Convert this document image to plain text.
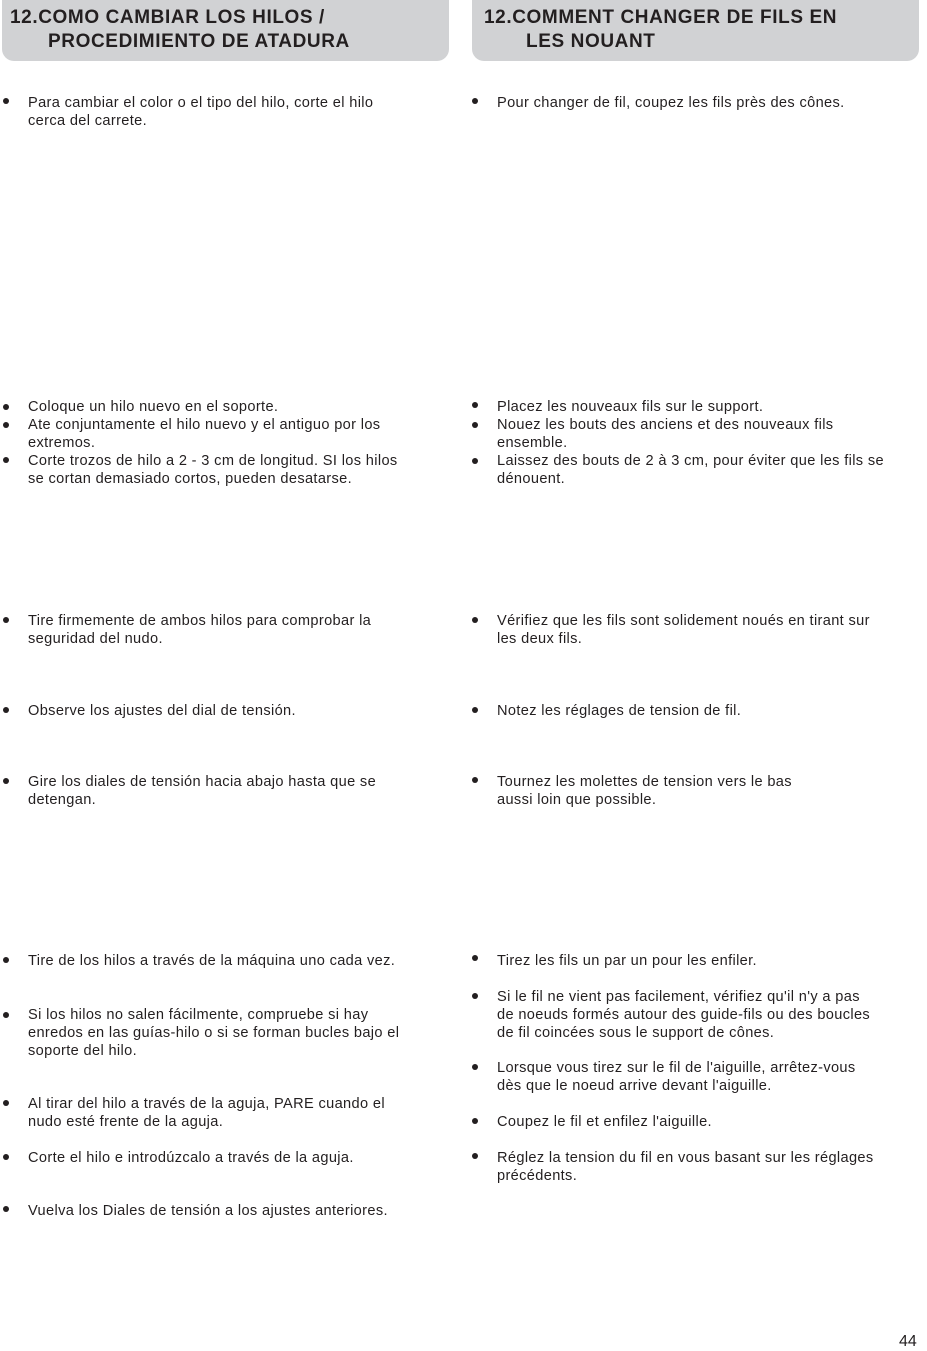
12.COMO CAMBIAR LOS HILOS /
PROCEDIMIENTO DE ATADURA
12.COMMENT CHANGER DE FILS EN
LES NOUANT
Para cambiar el color o el tipo del hilo, corte el hilo
cerca del carrete.
Coloque un hilo nuevo en el soporte.
Ate conjuntamente el hilo nuevo y el antiguo por los
extremos.
Corte trozos de hilo a 2 - 3 cm de longitud. SI los hilos
se cortan demasiado cortos, pueden desatarse.
Tire firmemente de ambos hilos para comprobar la
seguridad del nudo.
Observe los ajustes del dial de tensión.
Gire los diales de tensión hacia abajo hasta que se
detengan.
Tire de los hilos a través de la máquina uno cada vez.
Si los hilos no salen fácilmente, compruebe si hay
enredos en las guías-hilo o si se forman bucles bajo el
soporte del hilo.
Al tirar del hilo a través de la aguja, PARE cuando el
nudo esté frente de la aguja.
Corte el hilo e introdúzcalo a través de la aguja.
Vuelva los Diales de tensión a los ajustes anteriores.
Pour changer de fil, coupez les fils près des cônes.
Placez les nouveaux fils sur le support.
Nouez les bouts des anciens et des nouveaux fils
ensemble.
Laissez des bouts de 2 à 3 cm, pour éviter que les fils se
dénouent.
Vérifiez que les fils sont solidement noués en tirant sur
les deux fils.
Notez les réglages de tension de fil.
Tournez les molettes de tension vers le bas
aussi loin que possible.
Tirez les fils un par un pour les enfiler.
Si le fil ne vient pas facilement, vérifiez qu'il n'y a pas
de noeuds formés autour des guide-fils ou des boucles
de fil coincées sous le support de cônes.
Lorsque vous tirez sur le fil de l'aiguille, arrêtez-vous
dès que le noeud arrive devant l'aiguille.
Coupez le fil et enfilez l'aiguille.
Réglez la tension du fil en vous basant sur les réglages
précédents.
44
